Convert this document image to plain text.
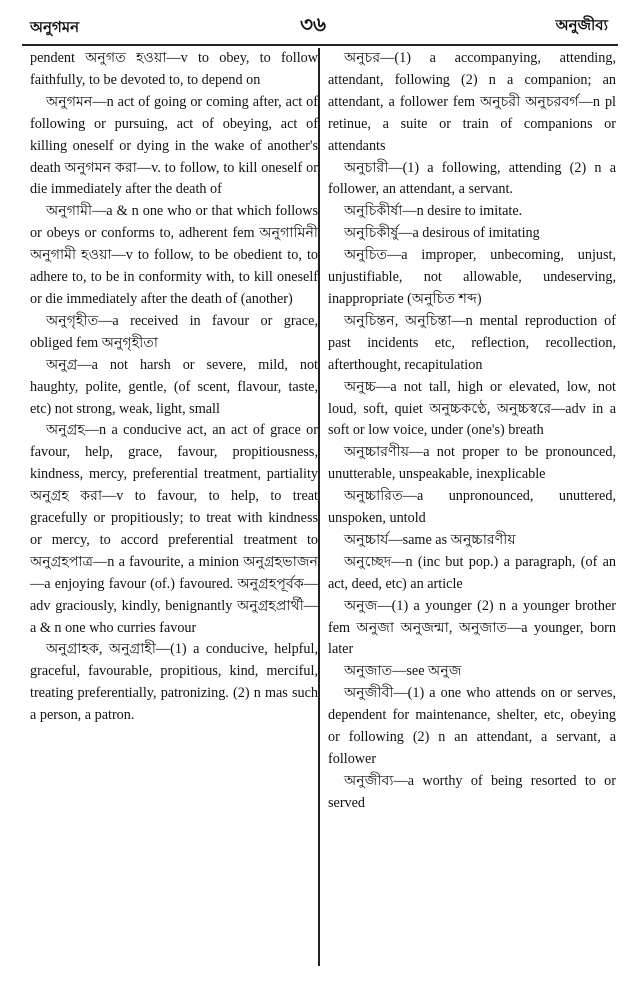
অনুগমন	৩৬	অনুজীব্য

pendent অনুগত হওয়া—v to obey, to follow faithfully, to be devoted to, to depend on

অনুগমন—n act of going or coming after, act of following or pursuing, act of obeying, act of killing oneself or dying in the wake of another's death অনুগমন করা—v. to follow, to kill oneself or die immediately after the death of

অনুগামী—a & n one who or that which follows or obeys or conforms to, adherent fem অনুগামিনী অনুগামী হওয়া—v to follow, to be obedient to, to adhere to, to be in conformity with, to kill oneself or die immediately after the death of (another)

অনুগৃহীত—a received in favour or grace, obliged fem অনুগৃহীতা

অনুগ্র—a not harsh or severe, mild, not haughty, polite, gentle, (of scent, flavour, taste, etc) not strong, weak, light, small

অনুগ্রহ—n a conducive act, an act of grace or favour, help, grace, favour, propitiousness, kindness, mercy, preferential treatment, partiality অনুগ্রহ করা—v to favour, to help, to treat gracefully or propitiously; to treat with kindness or mercy, to accord preferential treatment to অনুগ্রহপাত্র—n a favourite, a minion অনুগ্রহভাজন—a enjoying favour (of.) favoured. অনুগ্রহপূর্বক—adv graciously, kindly, benignantly অনুগ্রহপ্রার্থী—a & n one who curries favour

অনুগ্রাহক, অনুগ্রাহী—(1) a conducive, helpful, graceful, favourable, propitious, kind, merciful, treating preferentially, patronizing. (2) n mas such a person, a patron.

অনুচর—(1) a accompanying, attending, attendant, following (2) n a companion; an attendant, a follower fem অনুচরী অনুচরবর্গ—n pl retinue, a suite or train of companions or attendants

অনুচারী—(1) a following, attending (2) n a follower, an attendant, a servant.

অনুচিকীর্ষা—n desire to imitate.

অনুচিকীর্ষু—a desirous of imitating

অনুচিত—a improper, unbecoming, unjust, unjustifiable, not allowable, undeserving, inappropriate (অনুচিত শব্দ)

অনুচিন্তন, অনুচিন্তা—n mental reproduction of past incidents etc, reflection, recollection, afterthought, recapitulation

অনুচ্চ—a not tall, high or elevated, low, not loud, soft, quiet অনুচ্চকণ্ঠে, অনুচ্চস্বরে—adv in a soft or low voice, under (one's) breath

অনুচ্চারণীয়—a not proper to be pronounced, unutterable, unspeakable, inexplicable

অনুচ্চারিত—a unpronounced, unuttered, unspoken, untold

অনুচ্চার্য—same as অনুচ্চারণীয়

অনুচ্ছেদ—n (inc but pop.) a paragraph, (of an act, deed, etc) an article

অনুজ—(1) a younger (2) n a younger brother fem অনুজা অনুজন্মা, অনুজাত—a younger, born later

অনুজাত—see অনুজ

অনুজীবী—(1) a one who attends on or serves, dependent for maintenance, shelter, etc, obeying or following (2) n an attendant, a servant, a follower

অনুজীব্য—a worthy of being resorted to or served
